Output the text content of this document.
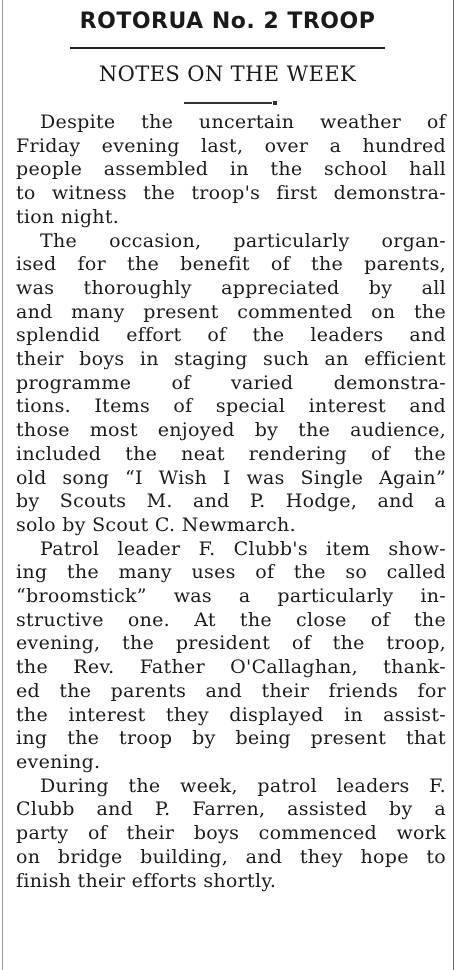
ROTORUA No. 2 TROOP
NOTES ON THE WEEK
Despite the uncertain weather of
Friday evening last, over a hundred
people assembled in the school hall
to witness the troop's first demonstra-
tion night.
The occasion, particularly organ-
ised for the benefit of the parents,
was thoroughly appreciated by all
and many present commented on the
splendid effort of the leaders and
their boys in staging such an efficient
programme of varied demonstra-
tions. Items of special interest and
those most enjoyed by the audience,
included the neat rendering of the
old song “I Wish I was Single Again”
by Scouts M. and P. Hodge, and a
solo by Scout C. Newmarch.
Patrol leader F. Clubb's item show-
ing the many uses of the so called
“broomstick” was a particularly in-
structive one. At the close of the
evening, the president of the troop,
the Rev. Father O'Callaghan, thank-
ed the parents and their friends for
the interest they displayed in assist-
ing the troop by being present that
evening.
During the week, patrol leaders F.
Clubb and P. Farren, assisted by a
party of their boys commenced work
on bridge building, and they hope to
finish their efforts shortly.
